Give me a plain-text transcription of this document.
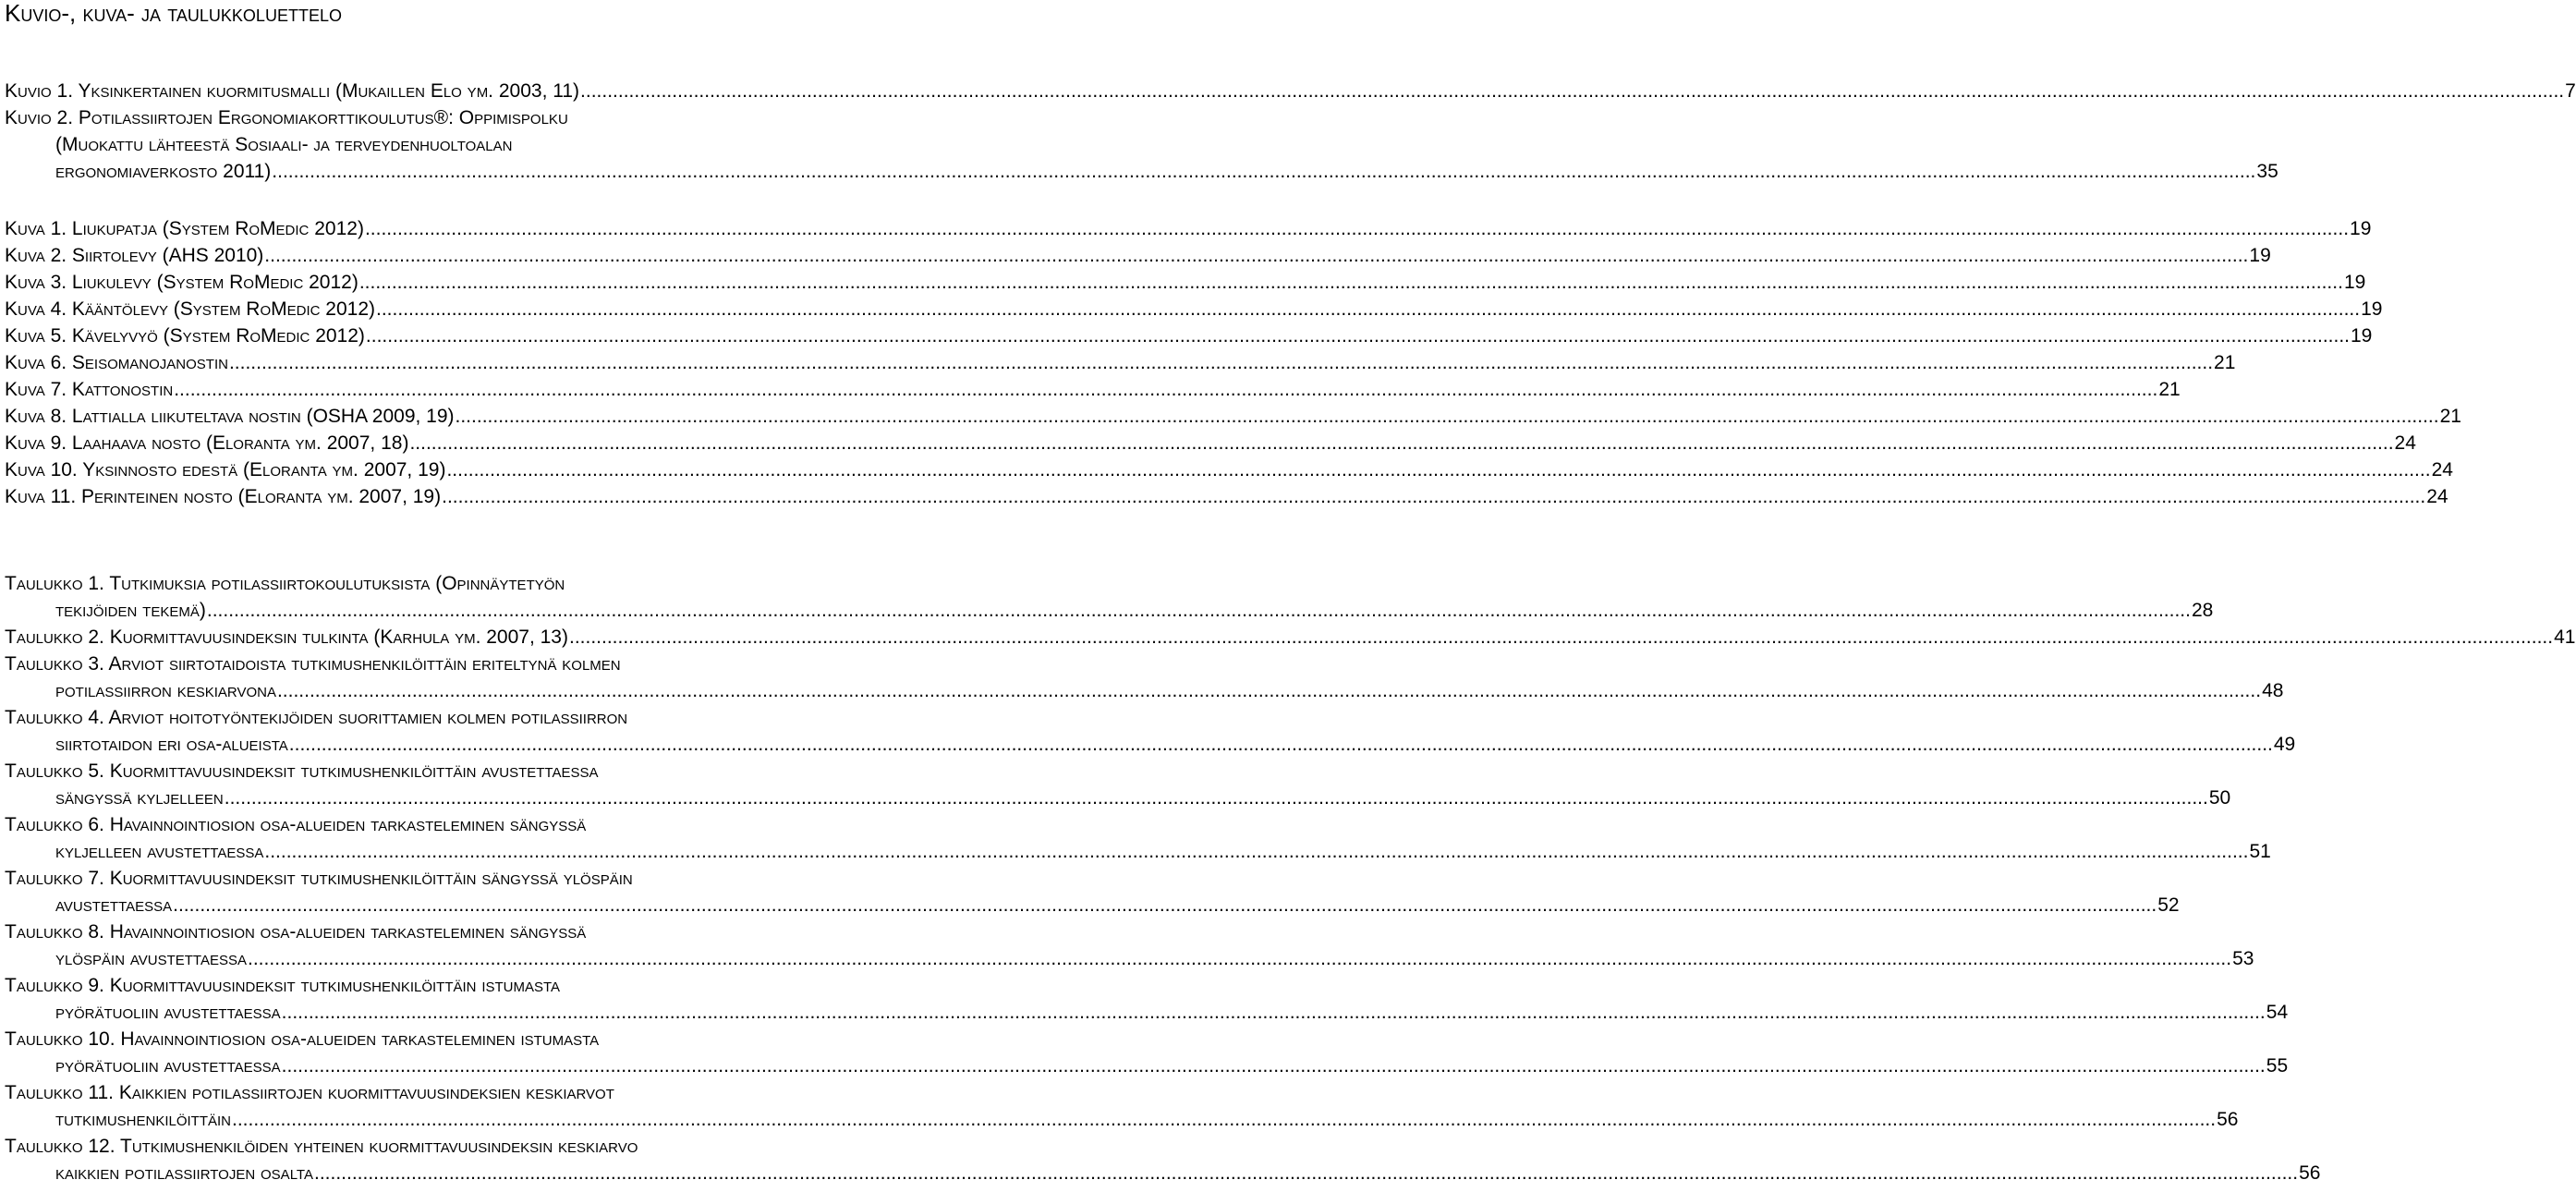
Kuvio-, kuva- ja taulukkoluettelo
Kuvio 1. Yksinkertainen kuormitusmalli (Mukaillen Elo ym. 2003, 11) ................................................................................................................................................................................................................................................................................................................................................................................ 7
Kuvio 2. Potilassiirtojen Ergonomiakorttikoulutus®: Oppimispolku
(Muokattu lähteestä Sosiaali- ja terveydenhuoltoalan
ergonomiaverkosto 2011) ................................................................................................................................................................................................................................................................................................................................................................................ 35
Kuva 1. Liukupatja (System RoMedic 2012) ................................................................................................................................................................................................................................................................................................................................................................................ 19
Kuva 2. Siirtolevy (AHS 2010) ................................................................................................................................................................................................................................................................................................................................................................................ 19
Kuva 3. Liukulevy (System RoMedic 2012) ................................................................................................................................................................................................................................................................................................................................................................................ 19
Kuva 4. Kääntölevy (System RoMedic 2012) ................................................................................................................................................................................................................................................................................................................................................................................ 19
Kuva 5. Kävelyvyö (System RoMedic 2012) ................................................................................................................................................................................................................................................................................................................................................................................ 19
Kuva 6. Seisomanojanostin ................................................................................................................................................................................................................................................................................................................................................................................ 21
Kuva 7. Kattonostin ................................................................................................................................................................................................................................................................................................................................................................................ 21
Kuva 8. Lattialla liikuteltava nostin (OSHA 2009, 19) ................................................................................................................................................................................................................................................................................................................................................................................ 21
Kuva 9. Laahaava nosto (Eloranta ym. 2007, 18) ................................................................................................................................................................................................................................................................................................................................................................................ 24
Kuva 10. Yksinnosto edestä (Eloranta ym. 2007, 19) ................................................................................................................................................................................................................................................................................................................................................................................ 24
Kuva 11. Perinteinen nosto (Eloranta ym. 2007, 19) ................................................................................................................................................................................................................................................................................................................................................................................ 24
Taulukko 1. Tutkimuksia potilassiirtokoulutuksista (Opinnäytetyön
tekijöiden tekemä) ................................................................................................................................................................................................................................................................................................................................................................................ 28
Taulukko 2. Kuormittavuusindeksin tulkinta (Karhula ym. 2007, 13) ................................................................................................................................................................................................................................................................................................................................................................................ 41
Taulukko 3. Arviot siirtotaidoista tutkimushenkilöittäin eriteltynä kolmen
potilassiirron keskiarvona ................................................................................................................................................................................................................................................................................................................................................................................ 48
Taulukko 4. Arviot hoitotyöntekijöiden suorittamien kolmen potilassiirron
siirtotaidon eri osa-alueista ................................................................................................................................................................................................................................................................................................................................................................................ 49
Taulukko 5. Kuormittavuusindeksit tutkimushenkilöittäin avustettaessa
sängyssä kyljelleen ................................................................................................................................................................................................................................................................................................................................................................................ 50
Taulukko 6. Havainnointiosion osa-alueiden tarkasteleminen sängyssä
kyljelleen avustettaessa ................................................................................................................................................................................................................................................................................................................................................................................ 51
Taulukko 7. Kuormittavuusindeksit tutkimushenkilöittäin sängyssä ylöspäin
avustettaessa ................................................................................................................................................................................................................................................................................................................................................................................ 52
Taulukko 8. Havainnointiosion osa-alueiden tarkasteleminen sängyssä
ylöspäin avustettaessa ................................................................................................................................................................................................................................................................................................................................................................................ 53
Taulukko 9. Kuormittavuusindeksit tutkimushenkilöittäin istumasta
pyörätuoliin avustettaessa ................................................................................................................................................................................................................................................................................................................................................................................ 54
Taulukko 10. Havainnointiosion osa-alueiden tarkasteleminen istumasta
pyörätuoliin avustettaessa ................................................................................................................................................................................................................................................................................................................................................................................ 55
Taulukko 11. Kaikkien potilassiirtojen kuormittavuusindeksien keskiarvot
tutkimushenkilöittäin ................................................................................................................................................................................................................................................................................................................................................................................ 56
Taulukko 12. Tutkimushenkilöiden yhteinen kuormittavuusindeksin keskiarvo
kaikkien potilassiirtojen osalta ................................................................................................................................................................................................................................................................................................................................................................................ 56
